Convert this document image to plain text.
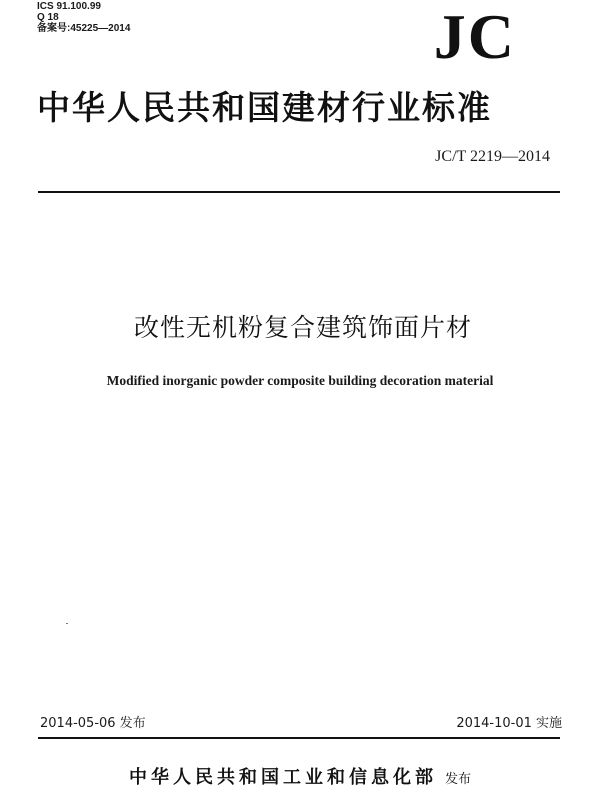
ICS 91.100.99
Q 18
备案号:45225—2014	JC
中华人民共和国建材行业标准
JC/T 2219—2014
改性无机粉复合建筑饰面片材
Modified inorganic powder composite building decoration material
2014-05-06 发布	2014-10-01 实施
中华人民共和国工业和信息化部 发布
